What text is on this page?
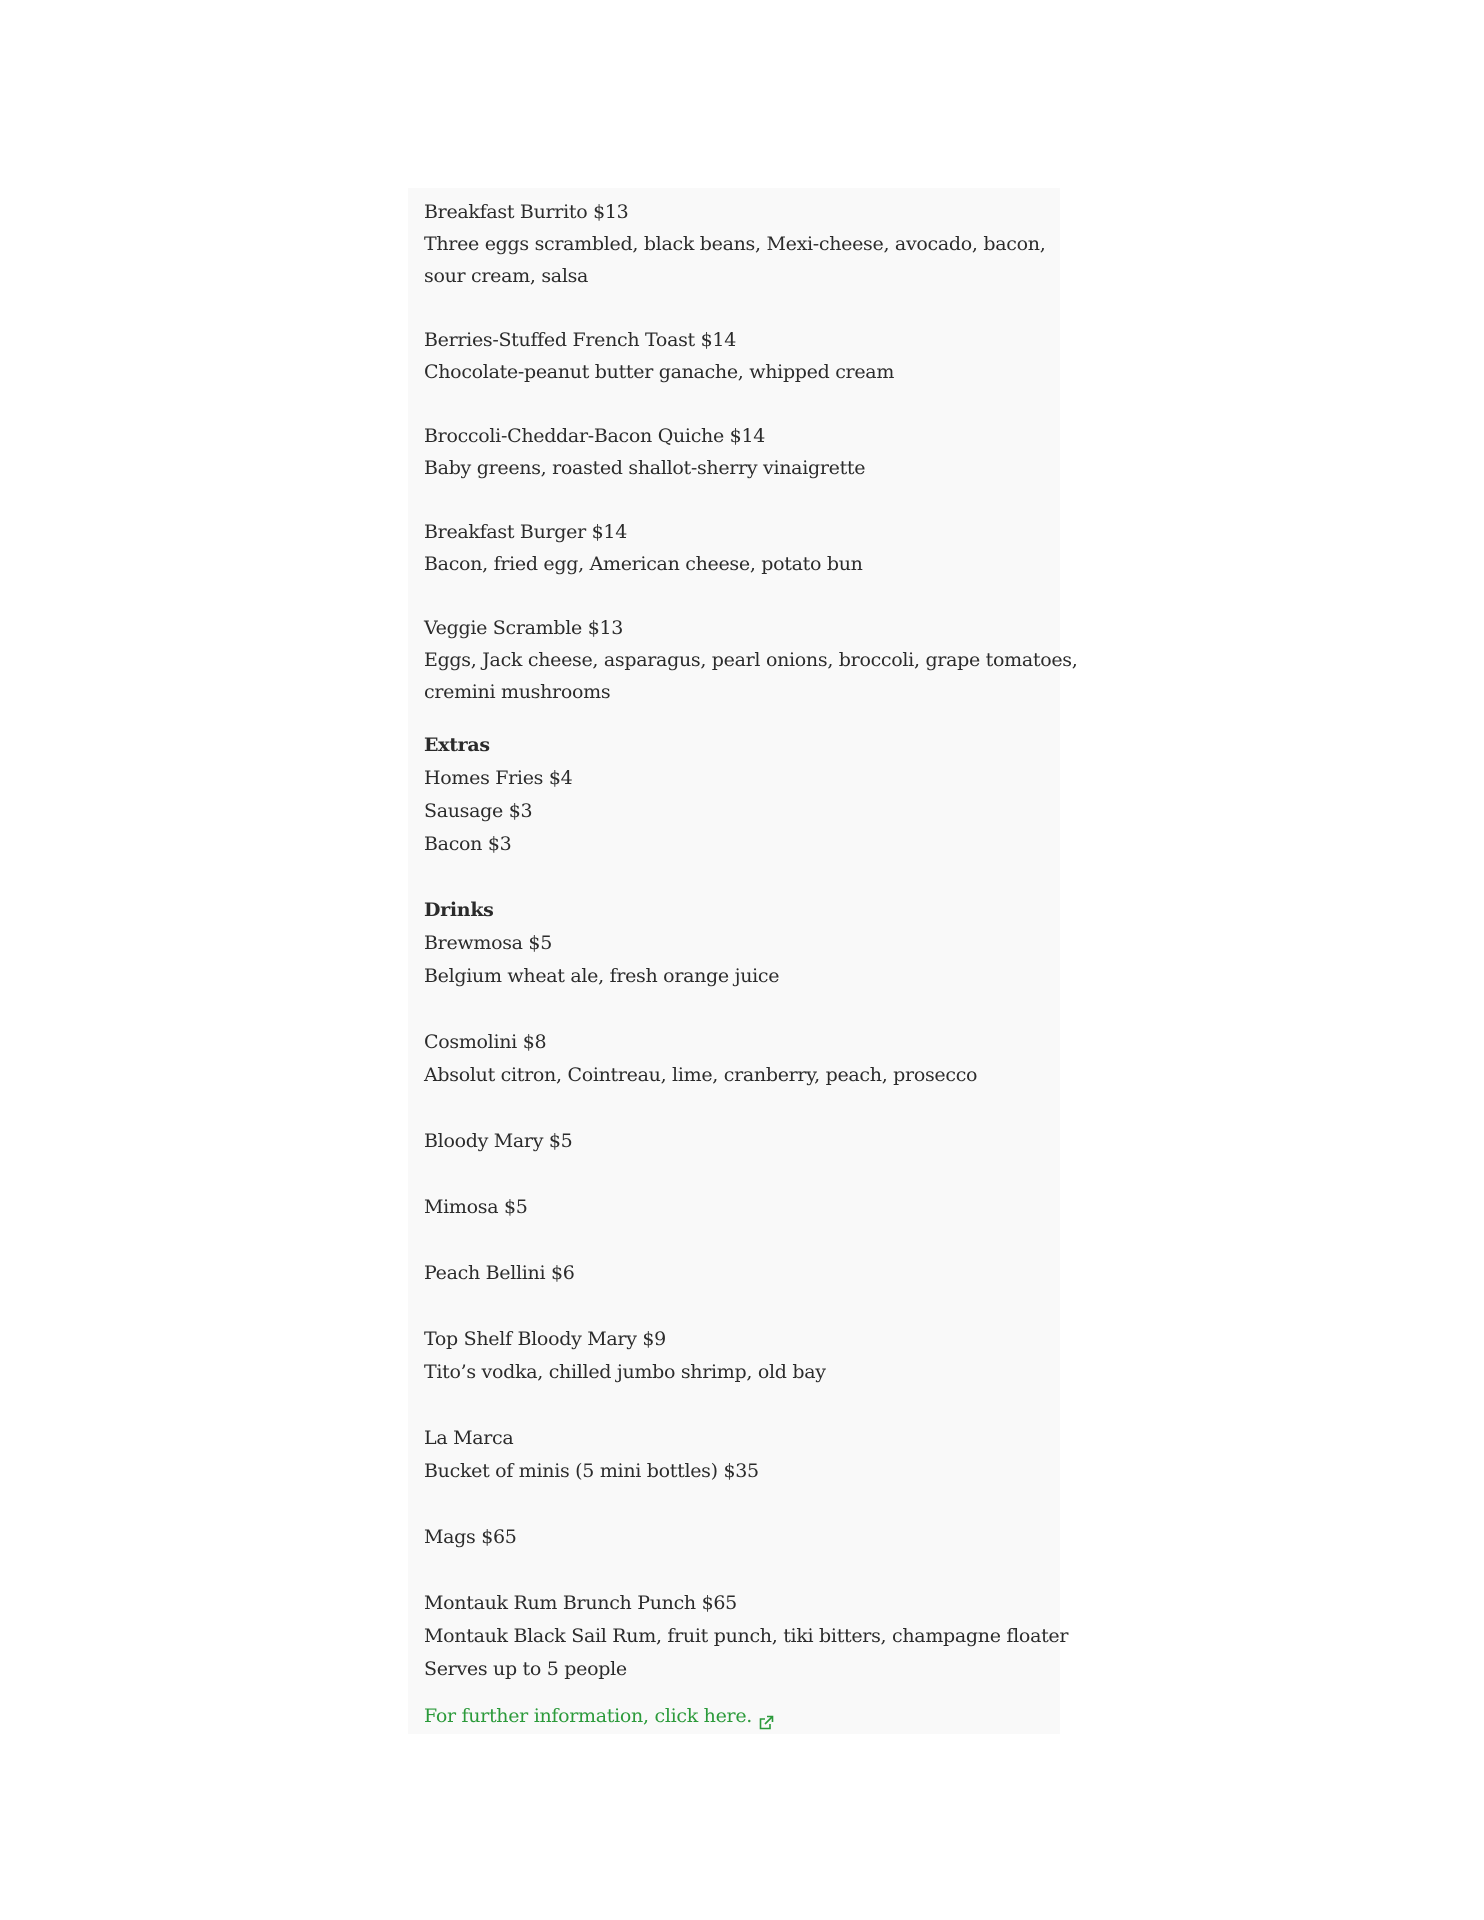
Breakfast Burrito $13
Three eggs scrambled, black beans, Mexi-cheese, avocado, bacon,
sour cream, salsa
Berries-Stuffed French Toast $14
Chocolate-peanut butter ganache, whipped cream
Broccoli-Cheddar-Bacon Quiche $14
Baby greens, roasted shallot-sherry vinaigrette
Breakfast Burger $14
Bacon, fried egg, American cheese, potato bun
Veggie Scramble $13
Eggs, Jack cheese, asparagus, pearl onions, broccoli, grape tomatoes,
cremini mushrooms
Extras
Homes Fries $4
Sausage $3
Bacon $3
Drinks
Brewmosa $5
Belgium wheat ale, fresh orange juice
Cosmolini $8
Absolut citron, Cointreau, lime, cranberry, peach, prosecco
Bloody Mary $5
Mimosa $5
Peach Bellini $6
Top Shelf Bloody Mary $9
Tito’s vodka, chilled jumbo shrimp, old bay
La Marca
Bucket of minis (5 mini bottles) $35
Mags $65
Montauk Rum Brunch Punch $65
Montauk Black Sail Rum, fruit punch, tiki bitters, champagne floater
Serves up to 5 people
For further information, click here.
